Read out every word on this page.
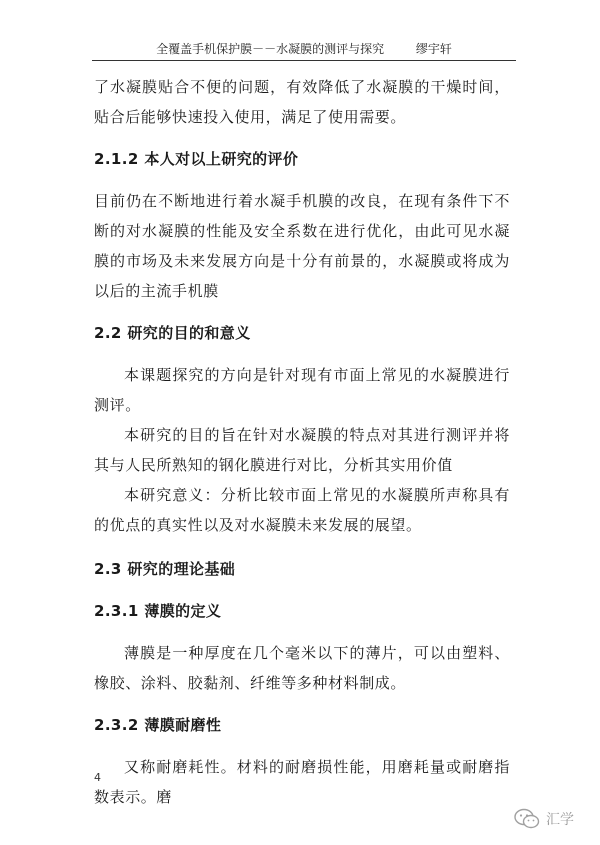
全覆盖手机保护膜－－水凝膜的测评与探究	缪宇轩

了水凝膜贴合不便的问题，有效降低了水凝膜的干燥时间，贴合后能够快速投入使用，满足了使用需要。

2.1.2 本人对以上研究的评价

目前仍在不断地进行着水凝手机膜的改良，在现有条件下不断的对水凝膜的性能及安全系数在进行优化，由此可见水凝膜的市场及未来发展方向是十分有前景的，水凝膜或将成为以后的主流手机膜

2.2 研究的目的和意义

本课题探究的方向是针对现有市面上常见的水凝膜进行测评。

本研究的目的旨在针对水凝膜的特点对其进行测评并将其与人民所熟知的钢化膜进行对比，分析其实用价值

本研究意义：分析比较市面上常见的水凝膜所声称具有的优点的真实性以及对水凝膜未来发展的展望。

2.3 研究的理论基础
2.3.1 薄膜的定义

薄膜是一种厚度在几个毫米以下的薄片，可以由塑料、橡胶、涂料、胶黏剂、纤维等多种材料制成。

2.3.2 薄膜耐磨性

又称耐磨耗性。材料的耐磨损性能，用磨耗量或耐磨指数表示。磨

4
汇学
